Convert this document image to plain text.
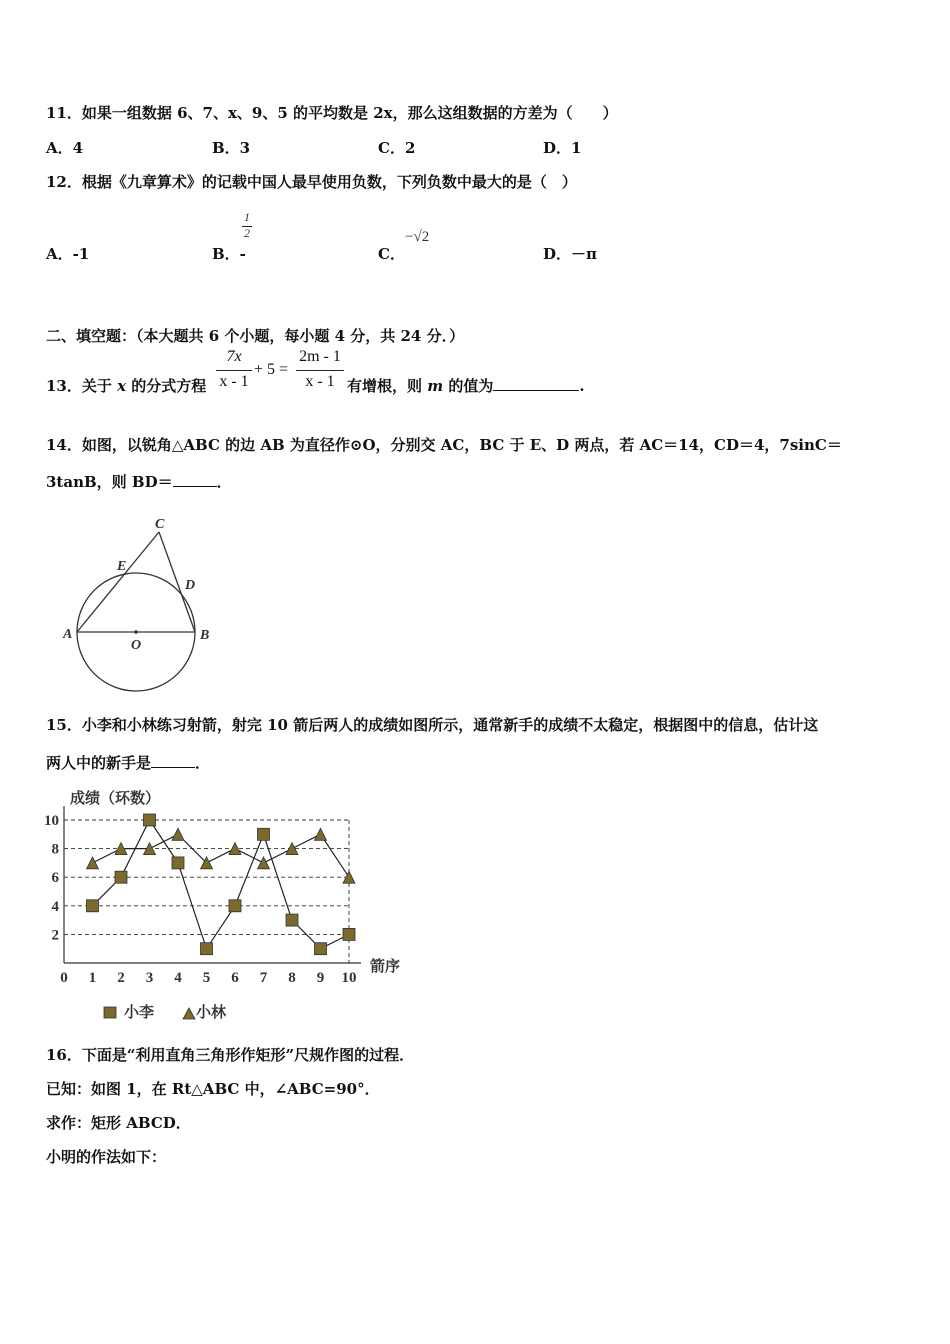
11．如果一组数据 6、7、x、9、5 的平均数是 2x，那么这组数据的方差为（　　）
A．4	B．3	C．2	D．1
12．根据《九章算术》的记载中国人最早使用负数，下列负数中最大的是（　）
A．-1	B．-
1
2
C．
−√2
D．－π
二、填空题：（本大题共 6 个小题，每小题 4 分，共 24 分．）
13．关于 x 的分式方程
7x
x - 1
+ 5 =
2m - 1
x - 1 有增根，则 m 的值为	.
14．如图，以锐角△ABC 的边 AB 为直径作⊙O，分别交 AC，BC 于 E、D 两点，若 AC＝14，CD＝4，7sinC＝
3tanB，则 BD＝	．
A	B
C
D
E
O
15．小李和小林练习射箭，射完 10 箭后两人的成绩如图所示，通常新手的成绩不太稳定，根据图中的信息，估计这
两人中的新手是	．
0 1 2 3 4 5 6 7 8 9 10
2
4
6
8
10
成绩（环数）
箭序
小李	小林
16．下面是“利用直角三角形作矩形”尺规作图的过程．
已知：如图 1，在 Rt△ABC 中，∠ABC=90°．
求作：矩形 ABCD．
小明的作法如下：
